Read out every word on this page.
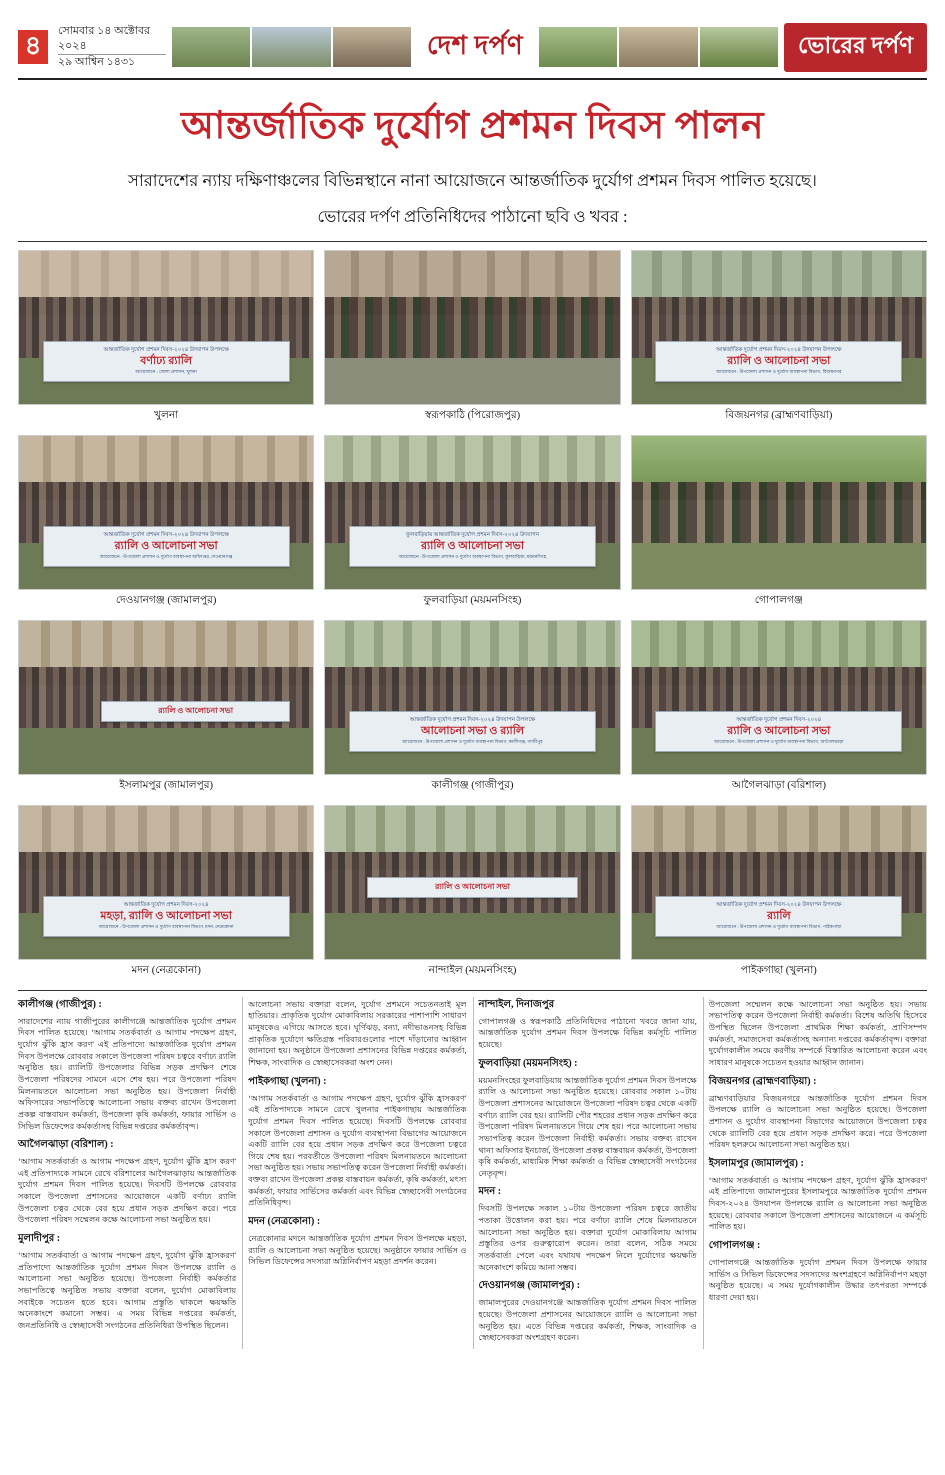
৪
সোমবার ১৪ অক্টোবর ২০২৪
২৯ আশ্বিন ১৪৩১
দেশ দর্পণ	ভোরের দর্পণ
আন্তর্জাতিক দুর্যোগ প্রশমন দিবস পালন
সারাদেশের ন্যায় দক্ষিণাঞ্চলের বিভিন্নস্থানে নানা আয়োজনে আন্তর্জাতিক দুর্যোগ প্রশমন দিবস পালিত হয়েছে।
ভোরের দর্পণ প্রতিনিধিদের পাঠানো ছবি ও খবর :
আন্তর্জাতিক দুর্যোগ প্রশমন দিবস-২০২৪ উদযাপন উপলক্ষে
বর্ণাঢ্য র‌্যালি
আয়োজনে : জেলা প্রশাসন, খুলনা
খুলনা	স্বরূপকাঠি (পিরোজপুর)
আন্তর্জাতিক দুর্যোগ প্রশমন দিবস-২০২৪ উদযাপন উপলক্ষে
র‌্যালি ও আলোচনা সভা
আয়োজনে : উপজেলা প্রশাসন ও দুর্যোগ ব্যবস্থাপনা বিভাগ, বিজয়নগর
বিজয়নগর (ব্রাহ্মণবাড়িয়া)
আন্তর্জাতিক দুর্যোগ প্রশমন দিবস-২০২৪ উদযাপন উপলক্ষে
র‌্যালি ও আলোচনা সভা
আয়োজনে : উপজেলা প্রশাসন ও দুর্যোগ ব্যবস্থাপনা অধিদপ্তর, দেওয়ানগঞ্জ
দেওয়ানগঞ্জ (জামালপুর)
ফুলবাড়িয়ায় আন্তর্জাতিক দুর্যোগ প্রশমন দিবস-২০২৪ উদযাপন
র‌্যালি ও আলোচনা সভা
আয়োজনে : উপজেলা প্রশাসন ও দুর্যোগ ব্যবস্থাপনা বিভাগ, ফুলবাড়িয়া, ময়মনসিংহ
ফুলবাড়িয়া (ময়মনসিংহ)	গোপালগঞ্জ
র‌্যালি ও আলোচনা সভা
ইসলামপুর (জামালপুর)
আন্তর্জাতিক দুর্যোগ প্রশমন দিবস-২০২৪ উদযাপন উপলক্ষে
আলোচনা সভা ও র‌্যালি
আয়োজনে : উপজেলা প্রশাসন ও দুর্যোগ ব্যবস্থাপনা বিভাগ, কালীগঞ্জ, গাজীপুর
কালীগঞ্জ (গাজীপুর)
আন্তর্জাতিক দুর্যোগ প্রশমন দিবস-২০২৪
র‌্যালি ও আলোচনা সভা
আয়োজনে : উপজেলা প্রশাসন ও দুর্যোগ ব্যবস্থাপনা বিভাগ, আগৈলঝাড়া
আগৈলঝাড়া (বরিশাল)
আন্তর্জাতিক দুর্যোগ প্রশমন দিবস-২০২৪
মহড়া, র‌্যালি ও আলোচনা সভা
আয়োজনে : উপজেলা প্রশাসন ও দুর্যোগ ব্যবস্থাপনা বিভাগ, মদন, নেত্রকোনা
মদন (নেত্রকোনা)
র‌্যালি ও আলোচনা সভা
নান্দাইল (ময়মনসিংহ)
আন্তর্জাতিক দুর্যোগ প্রশমন দিবস-২০২৪ উদযাপন উপলক্ষে
র‌্যালি
আয়োজনে : উপজেলা প্রশাসন ও দুর্যোগ ব্যবস্থাপনা বিভাগ, পাইকগাছা
পাইকগাছা (খুলনা)
কালীগঞ্জ (গাজীপুর) :

সারাদেশের ন্যায় গাজীপুরের কালীগঞ্জে আন্তর্জাতিক দুর্যোগ প্রশমন দিবস পালিত হয়েছে। ‘আগাম সতর্কবার্তা ও আগাম পদক্ষেপ গ্রহণ, দুর্যোগ ঝুঁকি হ্রাস করণ' এই প্রতিপাদ্যে আন্তর্জাতিক দুর্যোগ প্রশমন দিবস উপলক্ষে রোববার সকালে উপজেলা পরিষদ চত্বরে বর্ণাঢ্য র‌্যালি অনুষ্ঠিত হয়। র‌্যালিটি উপজেলার বিভিন্ন সড়ক প্রদক্ষিণ শেষে উপজেলা পরিষদের সামনে এসে শেষ হয়। পরে উপজেলা পরিষদ মিলনায়তনে আলোচনা সভা অনুষ্ঠিত হয়। উপজেলা নির্বাহী অফিসারের সভাপতিত্বে আলোচনা সভায় বক্তব্য রাখেন উপজেলা প্রকল্প বাস্তবায়ন কর্মকর্তা, উপজেলা কৃষি কর্মকর্তা, ফায়ার সার্ভিস ও সিভিল ডিফেন্সের কর্মকর্তাসহ বিভিন্ন দপ্তরের কর্মকর্তাবৃন্দ।

আগৈলঝাড়া (বরিশাল) :

‘আগাম সতর্কবার্তা ও আগাম পদক্ষেপ গ্রহণ, দুর্যোগ ঝুঁকি হ্রাস করণ' এই প্রতিপাদ্যকে সামনে রেখে বরিশালের আগৈলঝাড়ায় আন্তর্জাতিক দুর্যোগ প্রশমন দিবস পালিত হয়েছে। দিবসটি উপলক্ষে রোববার সকালে উপজেলা প্রশাসনের আয়োজনে একটি বর্ণাঢ্য র‌্যালি উপজেলা চত্বর থেকে বের হয়ে প্রধান সড়ক প্রদক্ষিণ করে। পরে উপজেলা পরিষদ সম্মেলন কক্ষে আলোচনা সভা অনুষ্ঠিত হয়।

মুলাদীপুর :

‘আগাম সতর্কবার্তা ও আগাম পদক্ষেপ গ্রহণ, দুর্যোগ ঝুঁকি হ্রাসকরণ' প্রতিপাদ্যে আন্তর্জাতিক দুর্যোগ প্রশমন দিবস উপলক্ষে র‌্যালি ও আলোচনা সভা অনুষ্ঠিত হয়েছে। উপজেলা নির্বাহী কর্মকর্তার সভাপতিত্বে অনুষ্ঠিত সভায় বক্তারা বলেন, দুর্যোগ মোকাবিলায় সবাইকে সচেতন হতে হবে। আগাম প্রস্তুতি থাকলে ক্ষয়ক্ষতি অনেকাংশে কমানো সম্ভব। এ সময় বিভিন্ন দপ্তরের কর্মকর্তা, জনপ্রতিনিধি ও স্বেচ্ছাসেবী সংগঠনের প্রতিনিধিরা উপস্থিত ছিলেন।

আলোচনা সভায় বক্তারা বলেন, দুর্যোগ প্রশমনে সচেতনতাই মূল হাতিয়ার। প্রাকৃতিক দুর্যোগ মোকাবিলায় সরকারের পাশাপাশি সাধারণ মানুষকেও এগিয়ে আসতে হবে। ঘূর্ণিঝড়, বন্যা, নদীভাঙনসহ বিভিন্ন প্রাকৃতিক দুর্যোগে ক্ষতিগ্রস্ত পরিবারগুলোর পাশে দাঁড়ানোর আহ্বান জানানো হয়। অনুষ্ঠানে উপজেলা প্রশাসনের বিভিন্ন দপ্তরের কর্মকর্তা, শিক্ষক, সাংবাদিক ও স্বেচ্ছাসেবকরা অংশ নেন।

পাইকগাছা (খুলনা) :

‘আগাম সতর্কবার্তা ও আগাম পদক্ষেপ গ্রহণ, দুর্যোগ ঝুঁকি হ্রাসকরণ' এই প্রতিপাদ্যকে সামনে রেখে খুলনার পাইকগাছায় আন্তর্জাতিক দুর্যোগ প্রশমন দিবস পালিত হয়েছে। দিবসটি উপলক্ষে রোববার সকালে উপজেলা প্রশাসন ও দুর্যোগ ব্যবস্থাপনা বিভাগের আয়োজনে একটি র‌্যালি বের হয়ে প্রধান সড়ক প্রদক্ষিণ করে উপজেলা চত্বরে গিয়ে শেষ হয়। পরবর্তীতে উপজেলা পরিষদ মিলনায়তনে আলোচনা সভা অনুষ্ঠিত হয়। সভায় সভাপতিত্ব করেন উপজেলা নির্বাহী কর্মকর্তা। বক্তব্য রাখেন উপজেলা প্রকল্প বাস্তবায়ন কর্মকর্তা, কৃষি কর্মকর্তা, মৎস্য কর্মকর্তা, ফায়ার সার্ভিসের কর্মকর্তা এবং বিভিন্ন স্বেচ্ছাসেবী সংগঠনের প্রতিনিধিবৃন্দ।

মদন (নেত্রকোনা) :

নেত্রকোনার মদনে আন্তর্জাতিক দুর্যোগ প্রশমন দিবস উপলক্ষে মহড়া, র‌্যালি ও আলোচনা সভা অনুষ্ঠিত হয়েছে। অনুষ্ঠানে ফায়ার সার্ভিস ও সিভিল ডিফেন্সের সদস্যরা অগ্নিনির্বাপণ মহড়া প্রদর্শন করেন।

নান্দাইল, দিনাজপুর

গোপালগঞ্জ ও স্বরূপকাঠি প্রতিনিধিদের পাঠানো খবরে জানা যায়, আন্তর্জাতিক দুর্যোগ প্রশমন দিবস উপলক্ষে বিভিন্ন কর্মসূচি পালিত হয়েছে।

ফুলবাড়িয়া (ময়মনসিংহ) :

ময়মনসিংহের ফুলবাড়িয়ায় আন্তর্জাতিক দুর্যোগ প্রশমন দিবস উপলক্ষে র‌্যালি ও আলোচনা সভা অনুষ্ঠিত হয়েছে। রোববার সকাল ১০টায় উপজেলা প্রশাসনের আয়োজনে উপজেলা পরিষদ চত্বর থেকে একটি বর্ণাঢ্য র‌্যালি বের হয়। র‌্যালিটি পৌর শহরের প্রধান সড়ক প্রদক্ষিণ করে উপজেলা পরিষদ মিলনায়তনে গিয়ে শেষ হয়। পরে আলোচনা সভায় সভাপতিত্ব করেন উপজেলা নির্বাহী কর্মকর্তা। সভায় বক্তব্য রাখেন থানা অফিসার ইনচার্জ, উপজেলা প্রকল্প বাস্তবায়ন কর্মকর্তা, উপজেলা কৃষি কর্মকর্তা, মাধ্যমিক শিক্ষা কর্মকর্তা ও বিভিন্ন স্বেচ্ছাসেবী সংগঠনের নেতৃবৃন্দ।

মদন :

দিবসটি উপলক্ষে সকাল ১০টায় উপজেলা পরিষদ চত্বরে জাতীয় পতাকা উত্তোলন করা হয়। পরে বর্ণাঢ্য র‌্যালি শেষে মিলনায়তনে আলোচনা সভা অনুষ্ঠিত হয়। বক্তারা দুর্যোগ মোকাবিলায় আগাম প্রস্তুতির ওপর গুরুত্বারোপ করেন। তারা বলেন, সঠিক সময়ে সতর্কবার্তা পেলে এবং যথাযথ পদক্ষেপ নিলে দুর্যোগের ক্ষয়ক্ষতি অনেকাংশে কমিয়ে আনা সম্ভব।

দেওয়ানগঞ্জ (জামালপুর) :

জামালপুরের দেওয়ানগঞ্জে আন্তর্জাতিক দুর্যোগ প্রশমন দিবস পালিত হয়েছে। উপজেলা প্রশাসনের আয়োজনে র‌্যালি ও আলোচনা সভা অনুষ্ঠিত হয়। এতে বিভিন্ন দপ্তরের কর্মকর্তা, শিক্ষক, সাংবাদিক ও স্বেচ্ছাসেবকরা অংশগ্রহণ করেন।

উপজেলা সম্মেলন কক্ষে আলোচনা সভা অনুষ্ঠিত হয়। সভায় সভাপতিত্ব করেন উপজেলা নির্বাহী কর্মকর্তা। বিশেষ অতিথি হিসেবে উপস্থিত ছিলেন উপজেলা প্রাথমিক শিক্ষা কর্মকর্তা, প্রাণিসম্পদ কর্মকর্তা, সমাজসেবা কর্মকর্তাসহ অন্যান্য দপ্তরের কর্মকর্তাবৃন্দ। বক্তারা দুর্যোগকালীন সময়ে করণীয় সম্পর্কে বিস্তারিত আলোচনা করেন এবং সাধারণ মানুষকে সচেতন হওয়ার আহ্বান জানান।

বিজয়নগর (ব্রাহ্মণবাড়িয়া) :

ব্রাহ্মণবাড়িয়ার বিজয়নগরে আন্তর্জাতিক দুর্যোগ প্রশমন দিবস উপলক্ষে র‌্যালি ও আলোচনা সভা অনুষ্ঠিত হয়েছে। উপজেলা প্রশাসন ও দুর্যোগ ব্যবস্থাপনা বিভাগের আয়োজনে উপজেলা চত্বর থেকে র‌্যালিটি বের হয়ে প্রধান সড়ক প্রদক্ষিণ করে। পরে উপজেলা পরিষদ হলরুমে আলোচনা সভা অনুষ্ঠিত হয়।

ইসলামপুর (জামালপুর) :

‘আগাম সতর্কবার্তা ও আগাম পদক্ষেপ গ্রহণ, দুর্যোগ ঝুঁকি হ্রাসকরণ' এই প্রতিপাদ্যে জামালপুরের ইসলামপুরে আন্তর্জাতিক দুর্যোগ প্রশমন দিবস-২০২৪ উদযাপন উপলক্ষে র‌্যালি ও আলোচনা সভা অনুষ্ঠিত হয়েছে। রোববার সকালে উপজেলা প্রশাসনের আয়োজনে এ কর্মসূচি পালিত হয়।

গোপালগঞ্জ :

গোপালগঞ্জে আন্তর্জাতিক দুর্যোগ প্রশমন দিবস উপলক্ষে ফায়ার সার্ভিস ও সিভিল ডিফেন্সের সদস্যদের অংশগ্রহণে অগ্নিনির্বাপণ মহড়া অনুষ্ঠিত হয়েছে। এ সময় দুর্যোগকালীন উদ্ধার তৎপরতা সম্পর্কে ধারণা দেয়া হয়।
